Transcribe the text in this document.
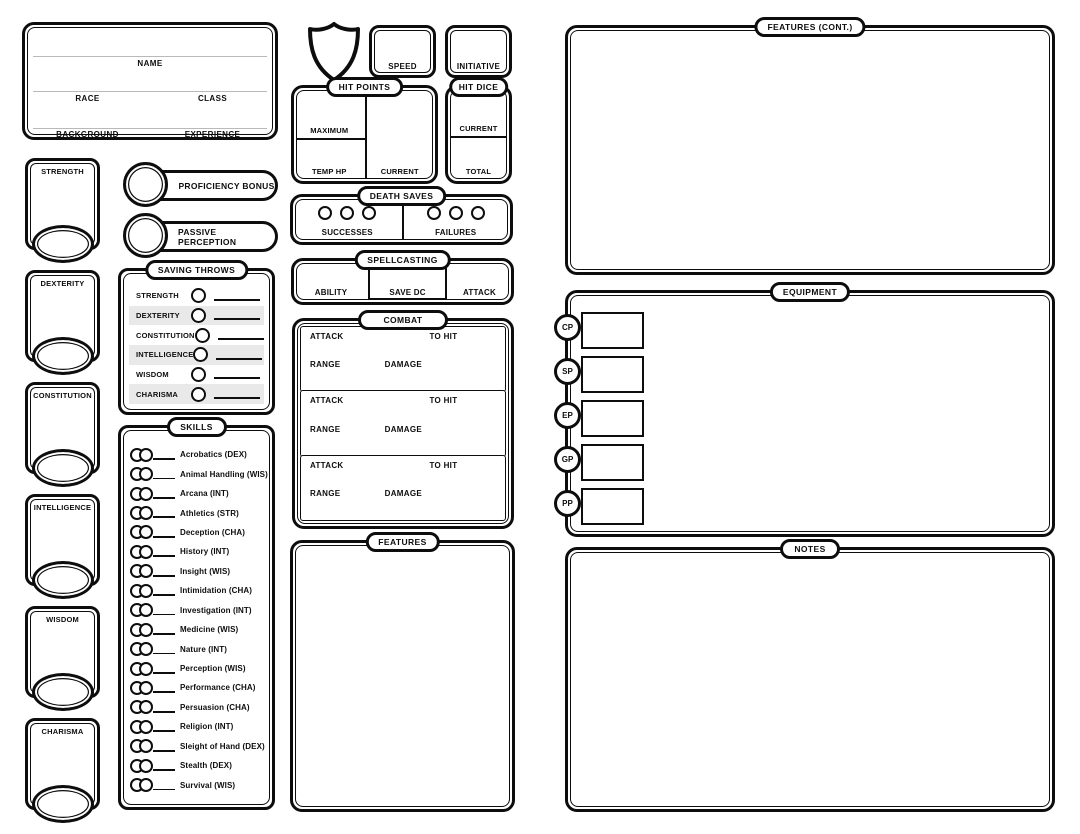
NAME
RACE	CLASS
BACKGROUND	EXPERIENCE
STRENGTH
DEXTERITY
CONSTITUTION
INTELLIGENCE
WISDOM
CHARISMA
PROFICIENCY BONUS
PASSIVE PERCEPTION
SAVING THROWS
STRENGTH
DEXTERITY
CONSTITUTION
INTELLIGENCE
WISDOM
CHARISMA
SKILLS
Acrobatics (DEX)
Animal Handling (WIS)
Arcana (INT)
Athletics (STR)
Deception (CHA)
History (INT)
Insight (WIS)
Intimidation (CHA)
Investigation (INT)
Medicine (WIS)
Nature (INT)
Perception (WIS)
Performance (CHA)
Persuasion (CHA)
Religion (INT)
Sleight of Hand (DEX)
Stealth (DEX)
Survival (WIS)
SPEED	INITIATIVE
HIT POINTS
MAXIMUM
TEMP HP	CURRENT
HIT DICE
CURRENT
TOTAL
DEATH SAVES
SUCCESSES	FAILURES
SPELLCASTING
ABILITY	SAVE DC	ATTACK
COMBAT
ATTACK	TO HIT
RANGE	DAMAGE
ATTACK	TO HIT
RANGE	DAMAGE
ATTACK	TO HIT
RANGE	DAMAGE
FEATURES
FEATURES (CONT.)
EQUIPMENT
CP
SP
EP
GP
PP
NOTES
